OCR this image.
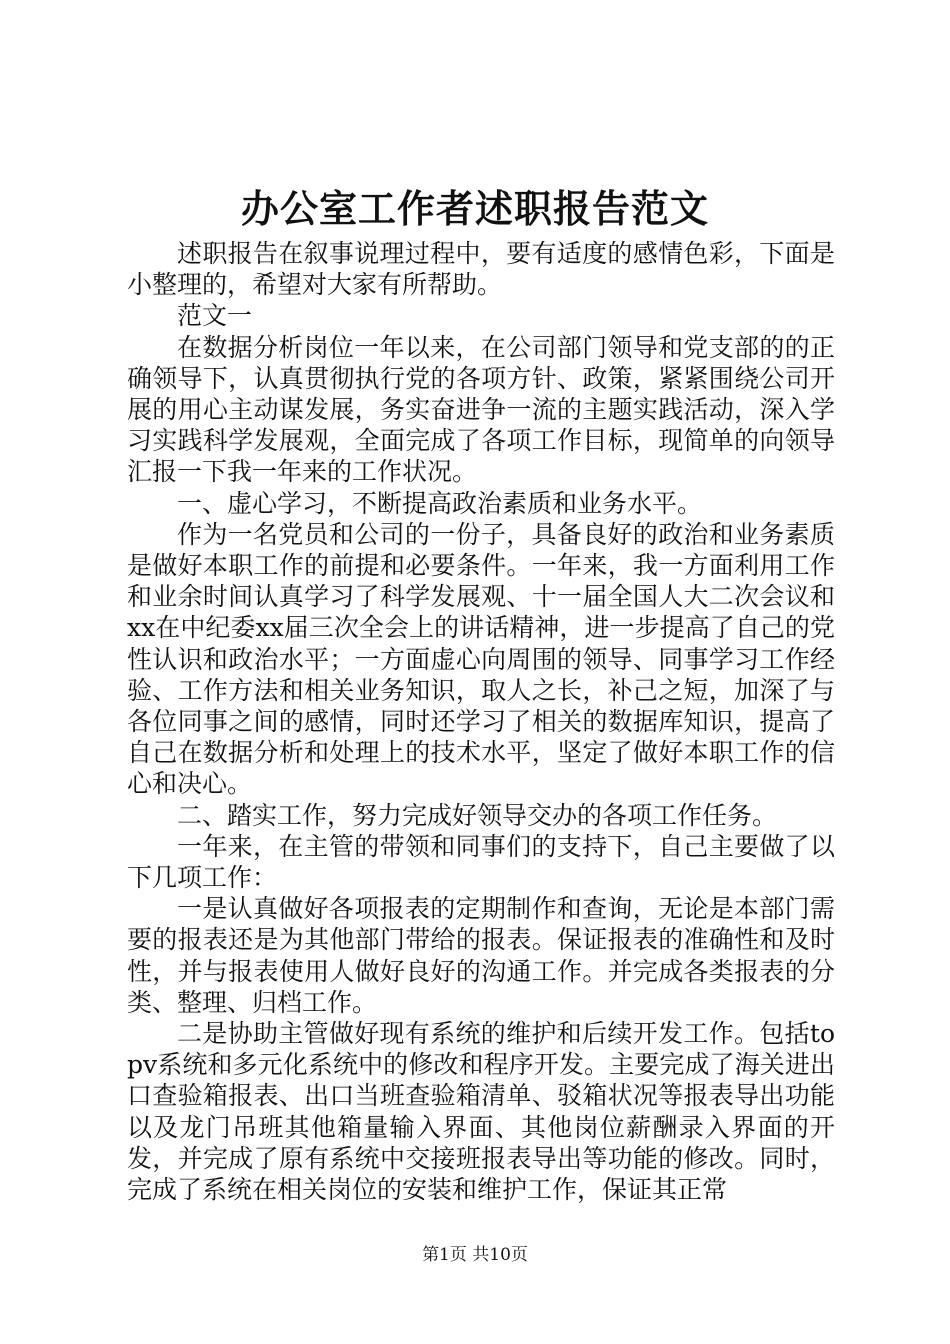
办公室工作者述职报告范文

述职报告在叙事说理过程中，要有适度的感情色彩，下面是小整理的，希望对大家有所帮助。

范文一

在数据分析岗位一年以来，在公司部门领导和党支部的的正确领导下，认真贯彻执行党的各项方针、政策，紧紧围绕公司开展的用心主动谋发展，务实奋进争一流的主题实践活动，深入学习实践科学发展观，全面完成了各项工作目标，现简单的向领导汇报一下我一年来的工作状况。

一、虚心学习，不断提高政治素质和业务水平。

作为一名党员和公司的一份子，具备良好的政治和业务素质是做好本职工作的前提和必要条件。一年来，我一方面利用工作和业余时间认真学习了科学发展观、十一届全国人大二次会议和xx在中纪委xx届三次全会上的讲话精神，进一步提高了自己的党性认识和政治水平；一方面虚心向周围的领导、同事学习工作经验、工作方法和相关业务知识，取人之长，补己之短，加深了与各位同事之间的感情，同时还学习了相关的数据库知识，提高了自己在数据分析和处理上的技术水平，坚定了做好本职工作的信心和决心。

二、踏实工作，努力完成好领导交办的各项工作任务。

一年来，在主管的带领和同事们的支持下，自己主要做了以下几项工作：

一是认真做好各项报表的定期制作和查询，无论是本部门需要的报表还是为其他部门带给的报表。保证报表的准确性和及时性，并与报表使用人做好良好的沟通工作。并完成各类报表的分类、整理、归档工作。

二是协助主管做好现有系统的维护和后续开发工作。包括topv系统和多元化系统中的修改和程序开发。主要完成了海关进出口查验箱报表、出口当班查验箱清单、驳箱状况等报表导出功能以及龙门吊班其他箱量输入界面、其他岗位薪酬录入界面的开发，并完成了原有系统中交接班报表导出等功能的修改。同时，完成了系统在相关岗位的安装和维护工作，保证其正常

第1页 共10页
